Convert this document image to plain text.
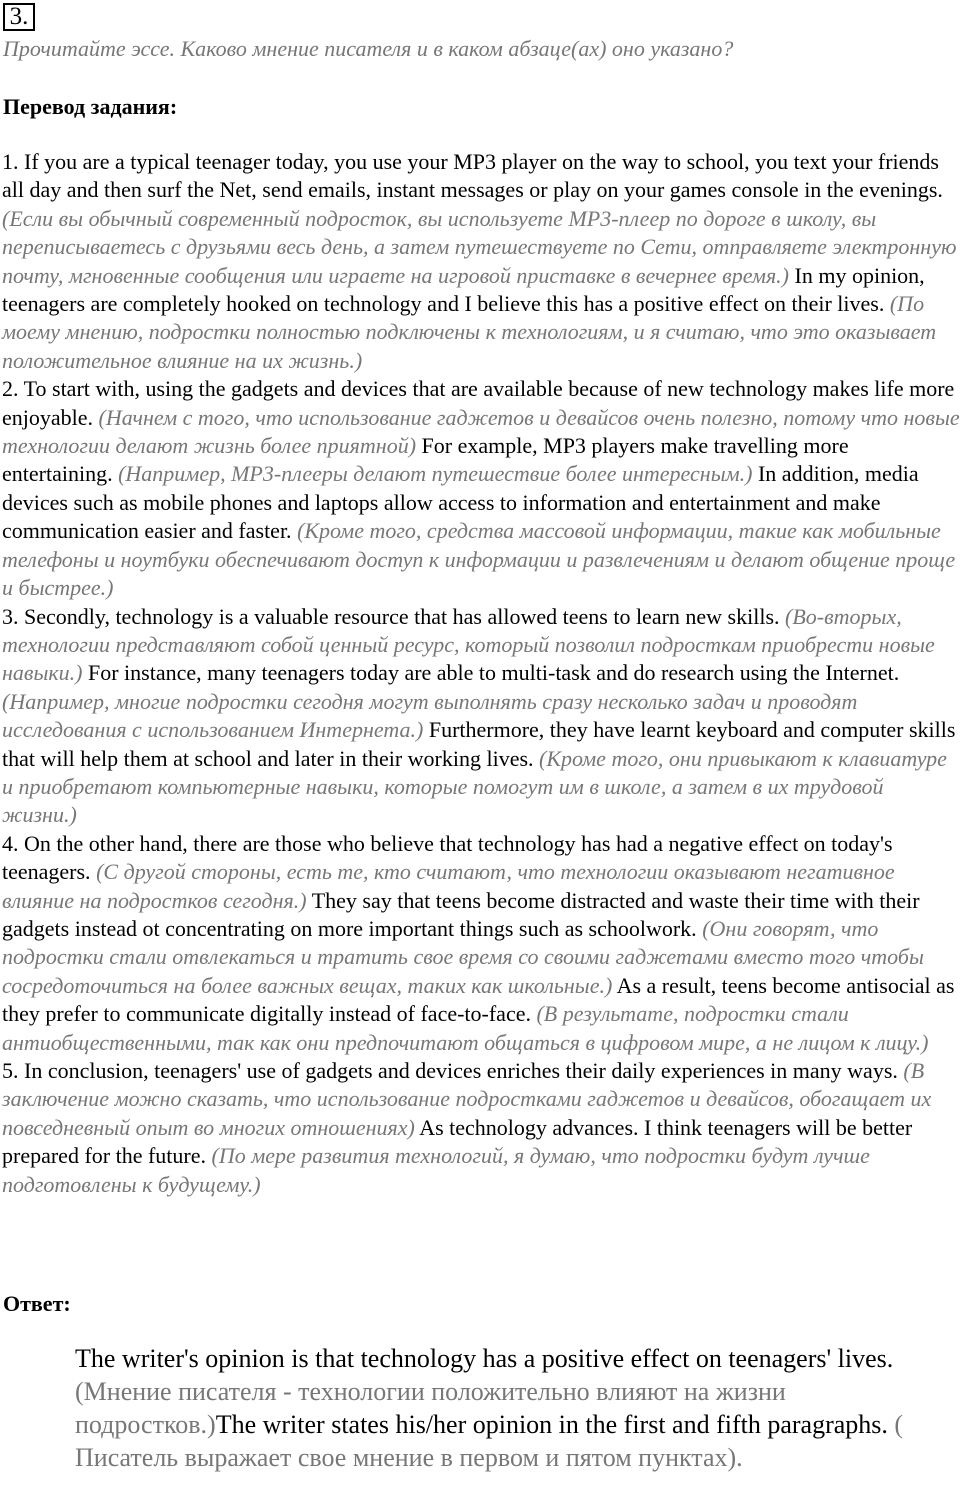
3.
Прочитайте эссе. Каково мнение писателя и в каком абзаце(ах) оно указано?
Перевод задания:

1. If you are a typical teenager today, you use your MP3 player on the way to school, you text your friends all day and then surf the Net, send emails, instant messages or play on your games console in the evenings. (Если вы обычный современный подросток, вы используете MP3-плеер по дороге в школу, вы переписываетесь с друзьями весь день, а затем путешествуете по Сети, отправляете электронную почту, мгновенные сообщения или играете на игровой приставке в вечернее время.) In my opinion, teenagers are completely hooked on technology and I believe this has a positive effect on their lives. (По моему мнению, подростки полностью подключены к технологиям, и я считаю, что это оказывает положительное влияние на их жизнь.)

2. To start with, using the gadgets and devices that are available because of new technology makes life more enjoyable. (Начнем с того, что использование гаджетов и девайсов очень полезно, потому что новые технологии делают жизнь более приятной) For example, MP3 players make travelling more entertaining. (Например, MP3-плееры делают путешествие более интересным.) In addition, media devices such as mobile phones and laptops allow access to information and entertainment and make communication easier and faster. (Кроме того, средства массовой информации, такие как мобильные телефоны и ноутбуки обеспечивают доступ к информации и развлечениям и делают общение проще и быстрее.)

3. Secondly, technology is a valuable resource that has allowed teens to learn new skills. (Во-вторых, технологии представляют собой ценный ресурс, который позволил подросткам приобрести новые навыки.) For instance, many teenagers today are able to multi-task and do research using the Internet. (Например, многие подростки сегодня могут выполнять сразу несколько задач и проводят исследования с использованием Интернета.) Furthermore, they have learnt keyboard and computer skills that will help them at school and later in their working lives. (Кроме того, они привыкают к клавиатуре и приобретают компьютерные навыки, которые помогут им в школе, а затем в их трудовой жизни.)

4. On the other hand, there are those who believe that technology has had a negative effect on today's teenagers. (С другой стороны, есть те, кто считают, что технологии оказывают негативное влияние на подростков сегодня.) They say that teens become distracted and waste their time with their gadgets instead ot concentrating on more important things such as schoolwork. (Они говорят, что подростки стали отвлекаться и тратить свое время со своими гаджетами вместо того чтобы сосредоточиться на более важных вещах, таких как школьные.) As a result, teens become antisocial as they prefer to communicate digitally instead of face-to-face. (В результате, подростки стали антиобщественными, так как они предпочитают общаться в цифровом мире, а не лицом к лицу.)

5. In conclusion, teenagers' use of gadgets and devices enriches their daily experiences in many ways. (В заключение можно сказать, что использование подростками гаджетов и девайсов, обогащает их повседневный опыт во многих отношениях) As technology advances. I think teenagers will be better prepared for the future. (По мере развития технологий, я думаю, что подростки будут лучше подготовлены к будущему.)

Ответ:
The writer's opinion is that technology has a positive effect on teenagers' lives. (Мнение писателя - технологии положительно влияют на жизни подростков.)The writer states his/her opinion in the first and fifth paragraphs. ( Писатель выражает свое мнение в первом и пятом пунктах).
